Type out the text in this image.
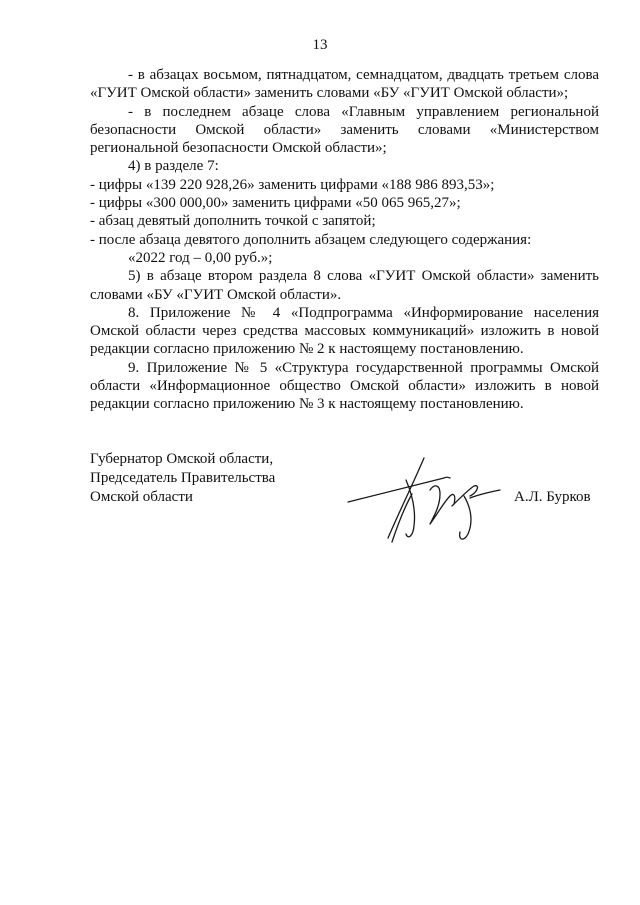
13

- в абзацах восьмом, пятнадцатом, семнадцатом, двадцать третьем слова «ГУИТ Омской области» заменить словами «БУ «ГУИТ Омской области»;

- в последнем абзаце слова «Главным управлением региональной безопасности Омской области» заменить словами «Министерством региональной безопасности Омской области»;

4) в разделе 7:

- цифры «139 220 928,26» заменить цифрами «188 986 893,53»;

- цифры «300 000,00» заменить цифрами «50 065 965,27»;

- абзац девятый дополнить точкой с запятой;

- после абзаца девятого дополнить абзацем следующего содержания:

«2022 год – 0,00 руб.»;

5) в абзаце втором раздела 8 слова «ГУИТ Омской области» заменить словами «БУ «ГУИТ Омской области».

8. Приложение № 4 «Подпрограмма «Информирование населения Омской области через средства массовых коммуникаций» изложить в новой редакции согласно приложению № 2 к настоящему постановлению.

9. Приложение № 5 «Структура государственной программы Омской области «Информационное общество Омской области» изложить в новой редакции согласно приложению № 3 к настоящему постановлению.

Губернатор Омской области,
Председатель Правительства
Омской области	А.Л. Бурков
